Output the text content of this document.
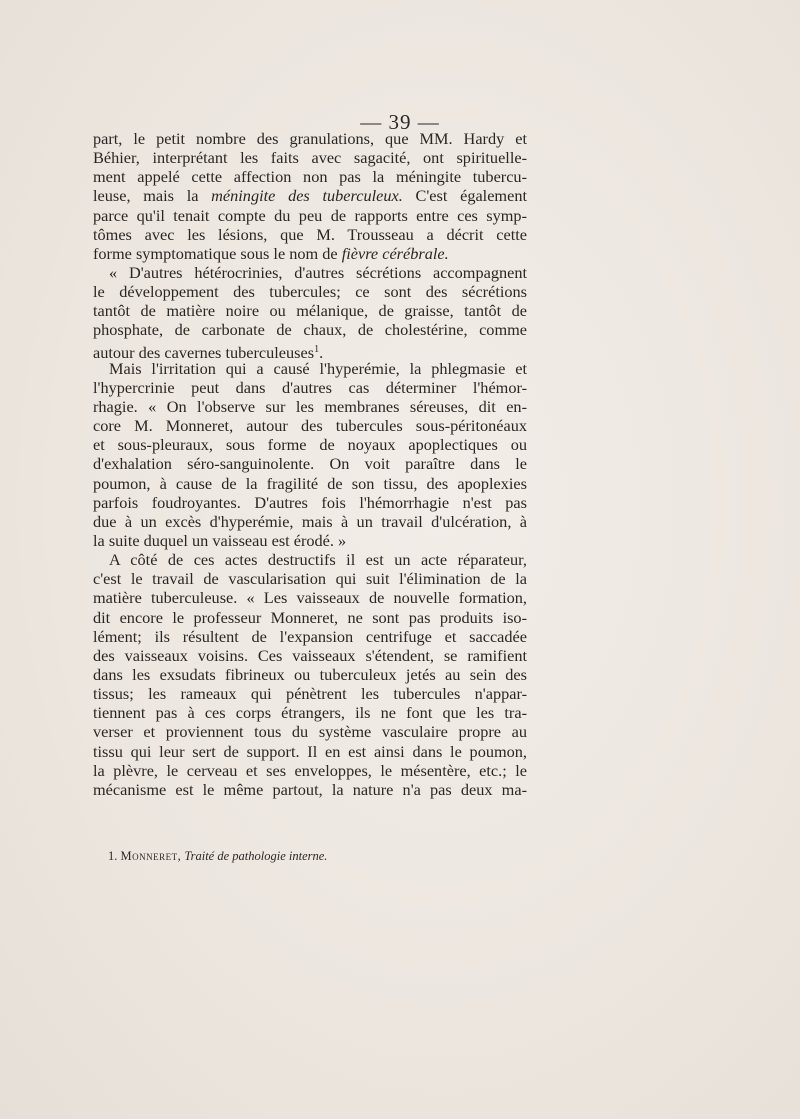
— 39 —
part, le petit nombre des granulations, que MM. Hardy et
Béhier, interprétant les faits avec sagacité, ont spirituelle-
ment appelé cette affection non pas la méningite tubercu-
leuse, mais la méningite des tuberculeux. C'est également
parce qu'il tenait compte du peu de rapports entre ces symp-
tômes avec les lésions, que M. Trousseau a décrit cette
forme symptomatique sous le nom de fièvre cérébrale.
« D'autres hétérocrinies, d'autres sécrétions accompagnent
le développement des tubercules; ce sont des sécrétions
tantôt de matière noire ou mélanique, de graisse, tantôt de
phosphate, de carbonate de chaux, de cholestérine, comme
autour des cavernes tuberculeuses$^1$.
Mais l'irritation qui a causé l'hyperémie, la phlegmasie et
l'hypercrinie peut dans d'autres cas déterminer l'hémor-
rhagie. « On l'observe sur les membranes séreuses, dit en-
core M. Monneret, autour des tubercules sous-péritonéaux
et sous-pleuraux, sous forme de noyaux apoplectiques ou
d'exhalation séro-sanguinolente. On voit paraître dans le
poumon, à cause de la fragilité de son tissu, des apoplexies
parfois foudroyantes. D'autres fois l'hémorrhagie n'est pas
due à un excès d'hyperémie, mais à un travail d'ulcération, à
la suite duquel un vaisseau est érodé. »
A côté de ces actes destructifs il est un acte réparateur,
c'est le travail de vascularisation qui suit l'élimination de la
matière tuberculeuse. « Les vaisseaux de nouvelle formation,
dit encore le professeur Monneret, ne sont pas produits iso-
lément; ils résultent de l'expansion centrifuge et saccadée
des vaisseaux voisins. Ces vaisseaux s'étendent, se ramifient
dans les exsudats fibrineux ou tuberculeux jetés au sein des
tissus; les rameaux qui pénètrent les tubercules n'appar-
tiennent pas à ces corps étrangers, ils ne font que les tra-
verser et proviennent tous du système vasculaire propre au
tissu qui leur sert de support. Il en est ainsi dans le poumon,
la plèvre, le cerveau et ses enveloppes, le mésentère, etc.; le
mécanisme est le même partout, la nature n'a pas deux ma-
1. Monneret, Traité de pathologie interne.
